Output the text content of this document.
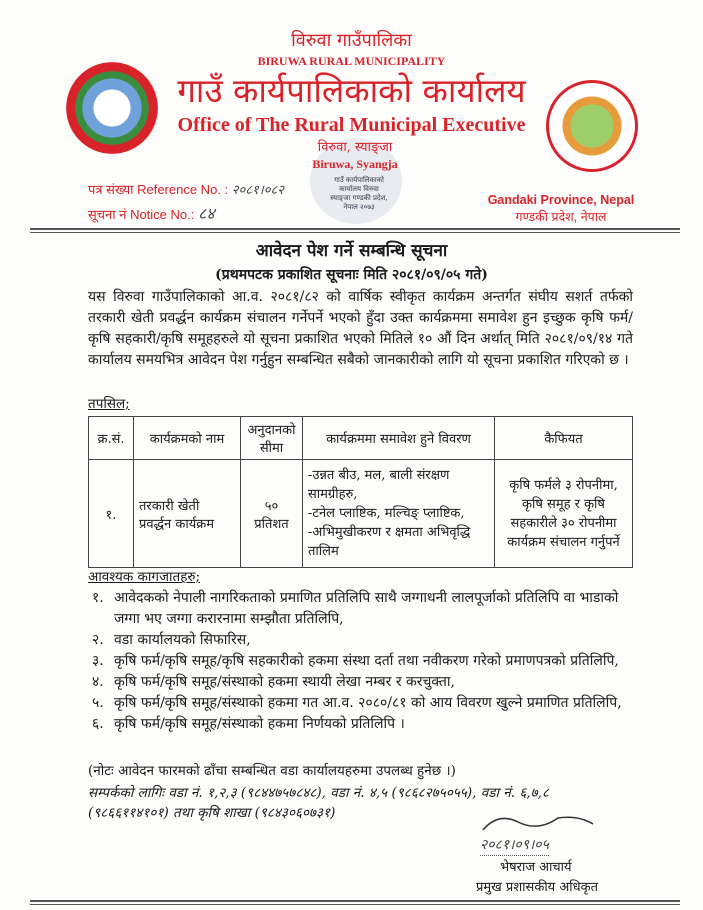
विरुवा गाउँपालिका
BIRUWA RURAL MUNICIPALITY
गाउँ कार्यपालिकाको कार्यालय
Office of The Rural Municipal Executive
विरुवा, स्याङ्जा
Biruwa, Syangja
गाउँ कार्यपालिकाको कार्यालय विरुवा स्याङ्जा गण्डकी प्रदेश, नेपाल २०७३
पत्र संख्या Reference No. : २०८१।०८२
सूचना नं Notice No.: ८४
Gandaki Province, Nepal
गण्डकी प्रदेश, नेपाल
आवेदन पेश गर्ने सम्बन्धि सूचना
(प्रथमपटक प्रकाशित सूचनाः मिति २०८१/०९/०५ गते)
यस विरुवा गाउँपालिकाको आ.व. २०८१/८२ को वार्षिक स्वीकृत कार्यक्रम अन्तर्गत संघीय सशर्त तर्फको तरकारी खेती प्रवर्द्धन कार्यक्रम संचालन गर्नेपर्ने भएको हुँदा उक्त कार्यक्रममा समावेश हुन इच्छुक कृषि फर्म/कृषि सहकारी/कृषि समूहहरुले यो सूचना प्रकाशित भएको मितिले १० औं दिन अर्थात् मिति २०८१/०९/१४ गते कार्यालय समयभित्र आवेदन पेश गर्नुहुन सम्बन्धित सबैको जानकारीको लागि यो सूचना प्रकाशित गरिएको छ ।
तपसिल;
क्र.सं.	कार्यक्रमको नाम	अनुदानको सीमा	कार्यक्रममा समावेश हुने विवरण	कैफियत
१.	तरकारी खेती प्रवर्द्धन कार्यक्रम	५० प्रतिशत	-उन्नत बीउ, मल, बाली संरक्षण सामग्रीहरु,
-टनेल प्लाष्टिक, मल्चिङ् प्लाष्टिक,
-अभिमुखीकरण र क्षमता अभिवृद्धि तालिम	कृषि फर्मले ३ रोपनीमा, कृषि समूह र कृषि सहकारीले ३० रोपनीमा कार्यक्रम संचालन गर्नुपर्ने
आवश्यक कागजातहरु;
१. आवेदकको नेपाली नागरिकताको प्रमाणित प्रतिलिपि साथै जग्गाधनी लालपूर्जाको प्रतिलिपि वा भाडाको जग्गा भए जग्गा करारनामा सम्झौता प्रतिलिपि,
२. वडा कार्यालयको सिफारिस,
३. कृषि फर्म/कृषि समूह/कृषि सहकारीको हकमा संस्था दर्ता तथा नवीकरण गरेको प्रमाणपत्रको प्रतिलिपि,
४. कृषि फर्म/कृषि समूह/संस्थाको हकमा स्थायी लेखा नम्बर र करचुक्ता,
५. कृषि फर्म/कृषि समूह/संस्थाको हकमा गत आ.व. २०८०/८१ को आय विवरण खुल्ने प्रमाणित प्रतिलिपि,
६. कृषि फर्म/कृषि समूह/संस्थाको हकमा निर्णयको प्रतिलिपि ।
(नोटः आवेदन फारमको ढाँचा सम्बन्धित वडा कार्यालयहरुमा उपलब्ध हुनेछ ।)
सम्पर्कको लागिः वडा नं. १,२,३ (९८४४७५७८४८), वडा नं. ४,५ (९८६८२७५०५५), वडा नं. ६,७,८ (९८६६११४१०१) तथा कृषि शाखा (९८४३०६०७३१)
२०८१।०९।०५
भेषराज आचार्य
प्रमुख प्रशासकीय अधिकृत
